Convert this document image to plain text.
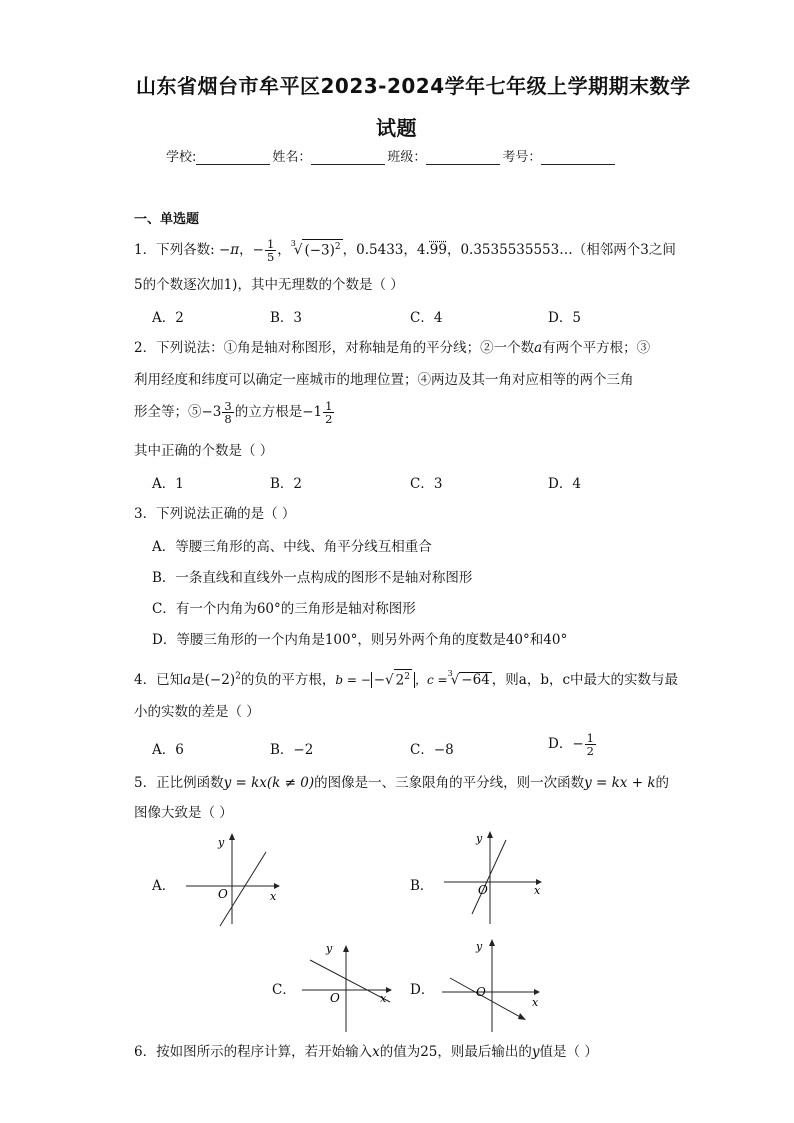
山东省烟台市牟平区2023-2024学年七年级上学期期末数学
试题
学校:	姓名：	班级：	考号：
一、单选题
1．下列各数: −π，− $\frac{1}{5}$ ，$^3$√ $(-3)^2$ ，0.5433，4.99，0.3535535553…（相邻两个3之间
5的个数逐次加1)，其中无理数的个数是（ ）
A．2	B．3	C．4	D．5
2．下列说法：①角是轴对称图形，对称轴是角的平分线；②一个数a有两个平方根；③
利用经度和纬度可以确定一座城市的地理位置；④两边及其一角对应相等的两个三角
形全等；⑤−3 $\frac{3}{8}$ 的立方根是$-1 \frac{1}{2}$
其中正确的个数是（ ）
A．1	B．2	C．3	D．4
3．下列说法正确的是（ ）
A．等腰三角形的高、中线、角平分线互相重合
B．一条直线和直线外一点构成的图形不是轴对称图形
C．有一个内角为60°的三角形是轴对称图形
D．等腰三角形的一个内角是100°，则另外两个角的度数是40°和40°
4．已知a是$(-2)^2$的负的平方根，b = − −√ $2^2$ ，c =$^3$√ −64 ，则a，b，c中最大的实数与最
小的实数的差是（ ）
A．6	B．−2	C．−8	D．− $\frac{1}{2}$
5．正比例函数y = kx(k ≠ 0)的图像是一、三象限角的平分线，则一次函数y = kx + k的
图像大致是（ ）
A．	B．
C．	D．
O	x
y
O	x
y
O	x
y
O
x
y
6．按如图所示的程序计算，若开始输入x的值为25，则最后输出的y值是（ ）
